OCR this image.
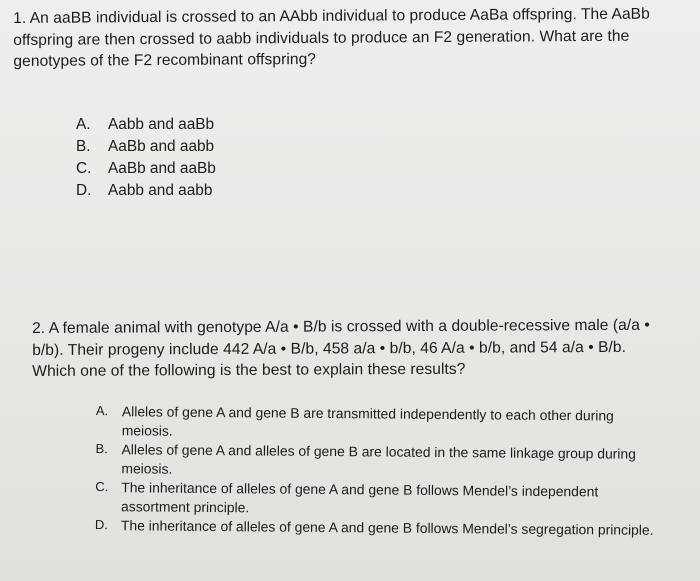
1. An aaBB individual is crossed to an AAbb individual to produce AaBa offspring. The AaBb offspring are then crossed to aabb individuals to produce an F2 generation. What are the genotypes of the F2 recombinant offspring?
A.	Aabb and aaBb
B.	AaBb and aabb
C.	AaBb and aaBb
D.	Aabb and aabb
2. A female animal with genotype A/a • B/b is crossed with a double-recessive male (a/a • b/b). Their progeny include 442 A/a • B/b, 458 a/a • b/b, 46 A/a • b/b, and 54 a/a • B/b. Which one of the following is the best to explain these results?
A. Alleles of gene A and gene B are transmitted independently to each other during meiosis.
B. Alleles of gene A and alleles of gene B are located in the same linkage group during meiosis.
C. The inheritance of alleles of gene A and gene B follows Mendel’s independent assortment principle.
D. The inheritance of alleles of gene A and gene B follows Mendel’s segregation principle.
